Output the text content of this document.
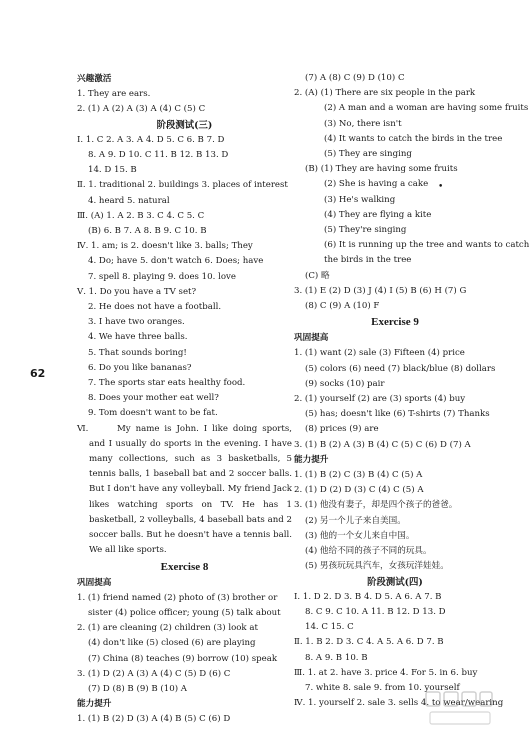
62
兴趣激活
1. They are ears.
2. (1) A (2) A (3) A (4) C (5) C
阶段测试(三)
Ⅰ. 1. C 2. A 3. A 4. D 5. C 6. B 7. D
8. A 9. D 10. C 11. B 12. B 13. D
14. D 15. B
Ⅱ. 1. traditional 2. buildings 3. places of interest
4. heard 5. natural
Ⅲ. (A) 1. A 2. B 3. C 4. C 5. C
(B) 6. B 7. A 8. B 9. C 10. B
Ⅳ. 1. am; is 2. doesn't like 3. balls; They
4. Do; have 5. don't watch 6. Does; have
7. spell 8. playing 9. does 10. love
Ⅴ. 1. Do you have a TV set?
2. He does not have a football.
3. I have two oranges.
4. We have three balls.
5. That sounds boring!
6. Do you like bananas?
7. The sports star eats healthy food.
8. Does your mother eat well?
9. Tom doesn't want to be fat.
Ⅵ.	My name is John. I like doing sports, and I usually do sports in the evening. I have many collections, such as 3 basketballs, 5 tennis balls, 1 baseball bat and 2 soccer balls. But I don't have any volleyball. My friend Jack likes watching sports on TV. He has 1 basketball, 2 volleyballs, 4 baseball bats and 2 soccer balls. But he doesn't have a tennis ball. We all like sports.

Exercise 8
巩固提高
1. (1) friend named (2) photo of (3) brother or
sister (4) police officer; young (5) talk about
2. (1) are cleaning (2) children (3) look at
(4) don't like (5) closed (6) are playing
(7) China (8) teaches (9) borrow (10) speak
3. (1) D (2) A (3) A (4) C (5) D (6) C
(7) D (8) B (9) B (10) A
能力提升
1. (1) B (2) D (3) A (4) B (5) C (6) D
(7) A (8) C (9) D (10) C
2. (A) (1) There are six people in the park
(2) A man and a woman are having some fruits
(3) No, there isn't
(4) It wants to catch the birds in the tree
(5) They are singing
(B) (1) They are having some fruits
(2) She is having a cake
(3) He's walking
(4) They are flying a kite
(5) They're singing
(6) It is running up the tree and wants to catch
the birds in the tree
(C) 略
3. (1) E (2) D (3) J (4) I (5) B (6) H (7) G
(8) C (9) A (10) F
Exercise 9
巩固提高
1. (1) want (2) sale (3) Fifteen (4) price
(5) colors (6) need (7) black/blue (8) dollars
(9) socks (10) pair
2. (1) yourself (2) are (3) sports (4) buy
(5) has; doesn't like (6) T-shirts (7) Thanks
(8) prices (9) are
3. (1) B (2) A (3) B (4) C (5) C (6) D (7) A
能力提升
1. (1) B (2) C (3) B (4) C (5) A
2. (1) D (2) D (3) C (4) C (5) A
3. (1) 他没有妻子，却是四个孩子的爸爸。
(2) 另一个儿子来自美国。
(3) 他的一个女儿来自中国。
(4) 他给不同的孩子不同的玩具。
(5) 男孩玩玩具汽车，女孩玩洋娃娃。
阶段测试(四)
Ⅰ. 1. D 2. D 3. B 4. D 5. A 6. A 7. B
8. C 9. C 10. A 11. B 12. D 13. D
14. C 15. C
Ⅱ. 1. B 2. D 3. C 4. A 5. A 6. D 7. B
8. A 9. B 10. B
Ⅲ. 1. at 2. have 3. price 4. For 5. in 6. buy
7. white 8. sale 9. from 10. yourself
Ⅳ. 1. yourself 2. sale 3. sells 4. to wear/wearing
•
